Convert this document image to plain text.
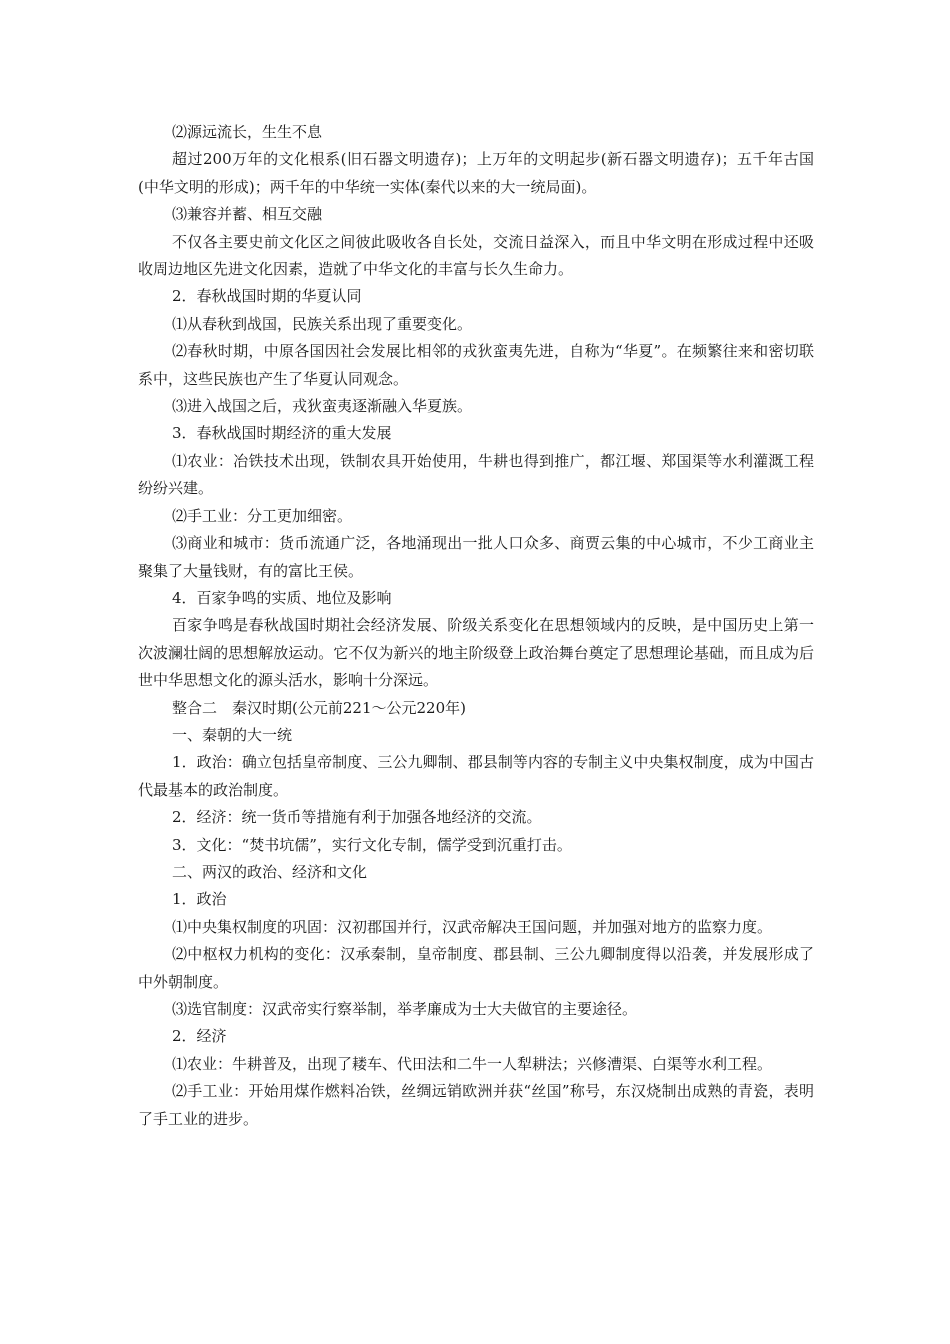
⑵源远流长，生生不息

超过200万年的文化根系(旧石器文明遗存)；上万年的文明起步(新石器文明遗存)；五千年古国(中华文明的形成)；两千年的中华统一实体(秦代以来的大一统局面)。

⑶兼容并蓄、相互交融

不仅各主要史前文化区之间彼此吸收各自长处，交流日益深入，而且中华文明在形成过程中还吸收周边地区先进文化因素，造就了中华文化的丰富与长久生命力。

2．春秋战国时期的华夏认同

⑴从春秋到战国，民族关系出现了重要变化。

⑵春秋时期，中原各国因社会发展比相邻的戎狄蛮夷先进，自称为“华夏”。在频繁往来和密切联系中，这些民族也产生了华夏认同观念。

⑶进入战国之后，戎狄蛮夷逐渐融入华夏族。

3．春秋战国时期经济的重大发展

⑴农业：冶铁技术出现，铁制农具开始使用，牛耕也得到推广，都江堰、郑国渠等水利灌溉工程纷纷兴建。

⑵手工业：分工更加细密。

⑶商业和城市：货币流通广泛，各地涌现出一批人口众多、商贾云集的中心城市，不少工商业主聚集了大量钱财，有的富比王侯。

4．百家争鸣的实质、地位及影响

百家争鸣是春秋战国时期社会经济发展、阶级关系变化在思想领域内的反映，是中国历史上第一次波澜壮阔的思想解放运动。它不仅为新兴的地主阶级登上政治舞台奠定了思想理论基础，而且成为后世中华思想文化的源头活水，影响十分深远。

整合二　秦汉时期(公元前221～公元220年)

一、秦朝的大一统

1．政治：确立包括皇帝制度、三公九卿制、郡县制等内容的专制主义中央集权制度，成为中国古代最基本的政治制度。

2．经济：统一货币等措施有利于加强各地经济的交流。

3．文化：“焚书坑儒”，实行文化专制，儒学受到沉重打击。

二、两汉的政治、经济和文化

1．政治

⑴中央集权制度的巩固：汉初郡国并行，汉武帝解决王国问题，并加强对地方的监察力度。

⑵中枢权力机构的变化：汉承秦制，皇帝制度、郡县制、三公九卿制度得以沿袭，并发展形成了中外朝制度。

⑶选官制度：汉武帝实行察举制，举孝廉成为士大夫做官的主要途径。

2．经济

⑴农业：牛耕普及，出现了耧车、代田法和二牛一人犁耕法；兴修漕渠、白渠等水利工程。

⑵手工业：开始用煤作燃料冶铁，丝绸远销欧洲并获“丝国”称号，东汉烧制出成熟的青瓷，表明了手工业的进步。
